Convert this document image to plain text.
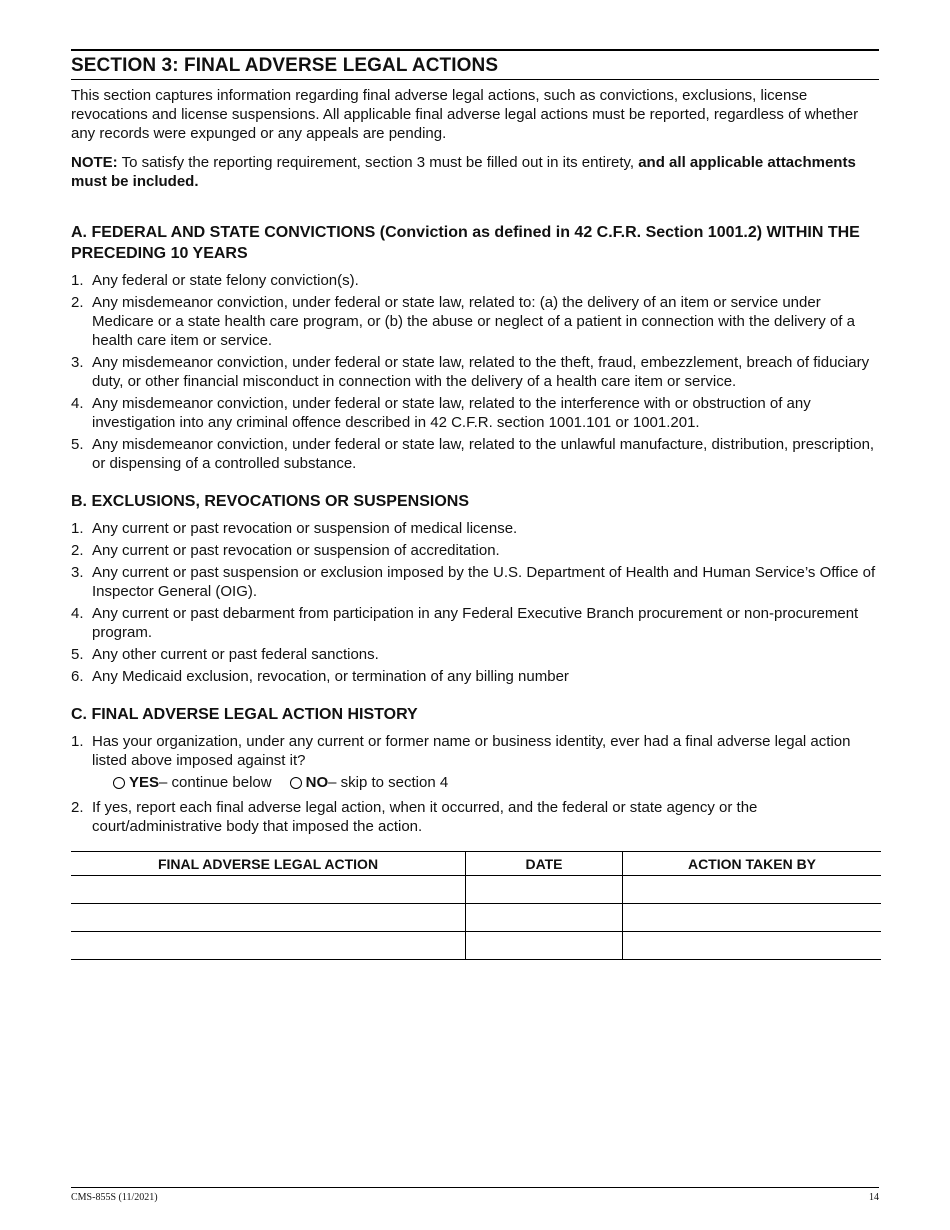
SECTION 3: FINAL ADVERSE LEGAL ACTIONS

This section captures information regarding final adverse legal actions, such as convictions, exclusions, license revocations and license suspensions. All applicable final adverse legal actions must be reported, regardless of whether any records were expunged or any appeals are pending.

NOTE: To satisfy the reporting requirement, section 3 must be filled out in its entirety, and all applicable attachments must be included.

A. FEDERAL AND STATE CONVICTIONS (Conviction as defined in 42 C.F.R. Section 1001.2) WITHIN THE PRECEDING 10 YEARS
1. Any federal or state felony conviction(s).
2. Any misdemeanor conviction, under federal or state law, related to: (a) the delivery of an item or service under Medicare or a state health care program, or (b) the abuse or neglect of a patient in connection with the delivery of a health care item or service.
3. Any misdemeanor conviction, under federal or state law, related to the theft, fraud, embezzlement, breach of fiduciary duty, or other financial misconduct in connection with the delivery of a health care item or service.
4. Any misdemeanor conviction, under federal or state law, related to the interference with or obstruction of any investigation into any criminal offence described in 42 C.F.R. section 1001.101 or 1001.201.
5. Any misdemeanor conviction, under federal or state law, related to the unlawful manufacture, distribution, prescription, or dispensing of a controlled substance.
B. EXCLUSIONS, REVOCATIONS OR SUSPENSIONS
1. Any current or past revocation or suspension of medical license.
2. Any current or past revocation or suspension of accreditation.
3. Any current or past suspension or exclusion imposed by the U.S. Department of Health and Human Service’s Office of Inspector General (OIG).
4. Any current or past debarment from participation in any Federal Executive Branch procurement or non-procurement program.
5. Any other current or past federal sanctions.
6. Any Medicaid exclusion, revocation, or termination of any billing number
C. FINAL ADVERSE LEGAL ACTION HISTORY
1. Has your organization, under any current or former name or business identity, ever had a final adverse legal action listed above imposed against it?
YES – continue below NO – skip to section 4
2. If yes, report each final adverse legal action, when it occurred, and the federal or state agency or the court/administrative body that imposed the action.
FINAL ADVERSE LEGAL ACTION	DATE	ACTION TAKEN BY

CMS-855S (11/2021)	14
